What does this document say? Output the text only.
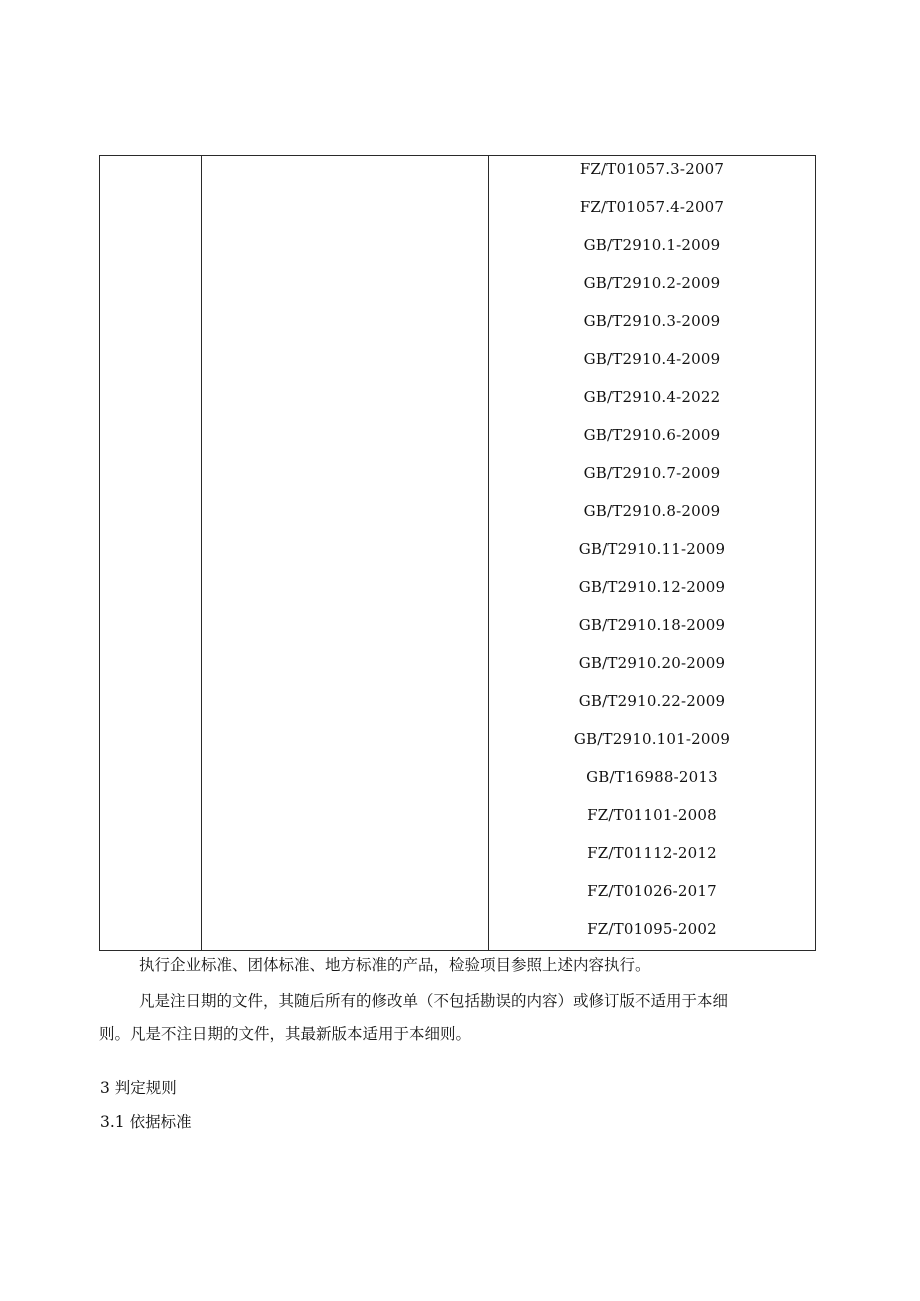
FZ/T01057.3-2007
FZ/T01057.4-2007
GB/T2910.1-2009
GB/T2910.2-2009
GB/T2910.3-2009
GB/T2910.4-2009
GB/T2910.4-2022
GB/T2910.6-2009
GB/T2910.7-2009
GB/T2910.8-2009
GB/T2910.11-2009
GB/T2910.12-2009
GB/T2910.18-2009
GB/T2910.20-2009
GB/T2910.22-2009
GB/T2910.101-2009
GB/T16988-2013
FZ/T01101-2008
FZ/T01112-2012
FZ/T01026-2017
FZ/T01095-2002
执行企业标准、团体标准、地方标准的产品，检验项目参照上述内容执行。
凡是注日期的文件，其随后所有的修改单（不包括勘误的内容）或修订版不适用于本细
则。凡是不注日期的文件，其最新版本适用于本细则。
3 判定规则
3.1 依据标准
